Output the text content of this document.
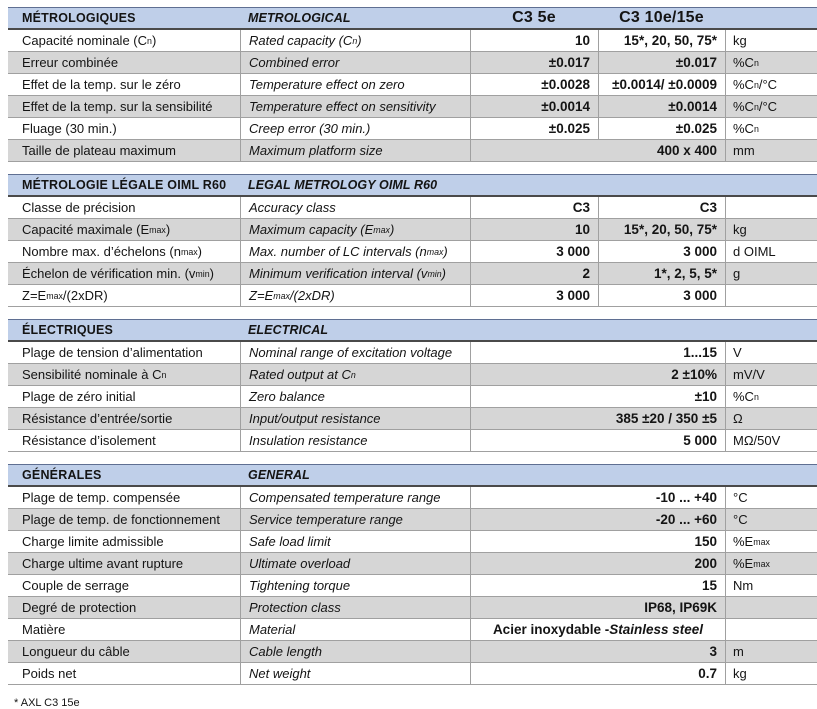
MÉTROLOGIQUES	METROLOGICAL	C3 5e	C3 10e/15e
Capacité nominale (C n )	Rated capacity (C n )	10	15*, 20, 50, 75*	kg
Erreur combinée	Combined error	±0.017	±0.017	%C n
Effet de la temp. sur le zéro	Temperature effect on zero	±0.0028	±0.0014/ ±0.0009	%C n /°C
Effet de la temp. sur la sensibilité	Temperature effect on sensitivity	±0.0014	±0.0014	%C n /°C
Fluage (30 min.)	Creep error (30 min.)	±0.025	±0.025	%C n
Taille de plateau maximum	Maximum platform size	400 x 400	mm
MÉTROLOGIE LÉGALE OIML R60	LEGAL METROLOGY OIML R60
Classe de précision	Accuracy class	C3	C3
Capacité maximale (E max )	Maximum capacity (E max )	10	15*, 20, 50, 75*	kg
Nombre max. d’échelons (n max )	Max. number of LC intervals (n max )	3 000	3 000	d OIML
Échelon de vérification min. (v min )	Minimum verification interval (v min )	2	1*, 2, 5, 5*	g
Z=E max /(2xDR)	Z=E max /(2xDR)	3 000	3 000
ÉLECTRIQUES	ELECTRICAL
Plage de tension d’alimentation	Nominal range of excitation voltage	1...15	V
Sensibilité nominale à C n	Rated output at C n	2 ±10%	mV/V
Plage de zéro initial	Zero balance	±10	%C n
Résistance d’entrée/sortie	Input/output resistance	385 ±20 / 350 ±5	Ω
Résistance d’isolement	Insulation resistance	5 000	MΩ/50V
GÉNÉRALES	GENERAL
Plage de temp. compensée	Compensated temperature range	-10 ... +40	°C
Plage de temp. de fonctionnement	Service temperature range	-20 ... +60	°C
Charge limite admissible	Safe load limit	150	%E max
Charge ultime avant rupture	Ultimate overload	200	%E max
Couple de serrage	Tightening torque	15	Nm
Degré de protection	Protection class	IP68, IP69K
Matière	Material	Acier inoxydable - Stainless steel
Longueur du câble	Cable length	3	m
Poids net	Net weight	0.7	kg
* AXL C3 15e
